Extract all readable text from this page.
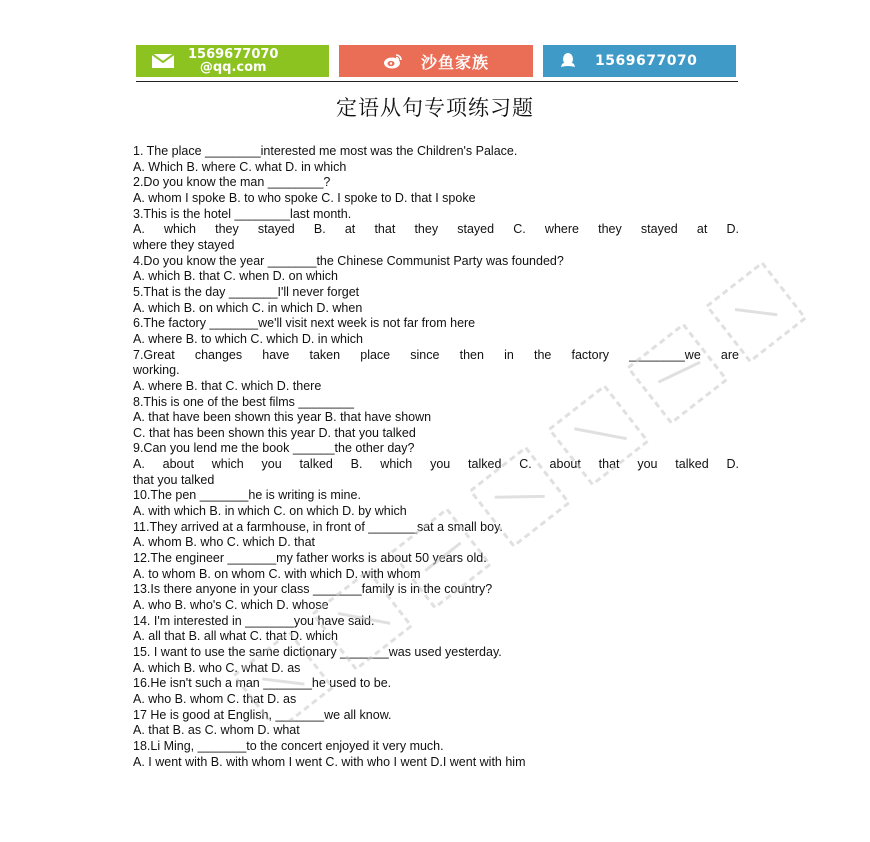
1569677070
@qq.com	沙鱼家族	1569677070
定语从句专项练习题
1. The place ________interested me most was the Children's Palace.
A. Which B. where C. what D. in which
2.Do you know the man ________?
A. whom I spoke B. to who spoke C. I spoke to D. that I spoke
3.This is the hotel ________last month.
A. which they stayed B. at that they stayed C. where they stayed at D.
where they stayed
4.Do you know the year _______the Chinese Communist Party was founded?
A. which B. that C. when D. on which
5.That is the day _______I'll never forget
A. which B. on which C. in which D. when
6.The factory _______we'll visit next week is not far from here
A. where B. to which C. which D. in which
7.Great changes have taken place since then in the factory ________we are
working.
A. where B. that C. which D. there
8.This is one of the best films ________
A. that have been shown this year B. that have shown
C. that has been shown this year D. that you talked
9.Can you lend me the book ______the other day?
A. about which you talked B. which you talked C. about that you talked D.
that you talked
10.The pen _______he is writing is mine.
A. with which B. in which C. on which D. by which
11.They arrived at a farmhouse, in front of _______sat a small boy.
A. whom B. who C. which D. that
12.The engineer _______my father works is about 50 years old.
A. to whom B. on whom C. with which D. with whom
13.Is there anyone in your class _______family is in the country?
A. who B. who's C. which D. whose
14. I'm interested in _______you have said.
A. all that B. all what C. that D. which
15. I want to use the same dictionary _______was used yesterday.
A. which B. who C. what D. as
16.He isn't such a man _______he used to be.
A. who B. whom C. that D. as
17 He is good at English, _______we all know.
A. that B. as C. whom D. what
18.Li Ming, _______to the concert enjoyed it very much.
A. I went with B. with whom I went C. with who I went D.I went with him
